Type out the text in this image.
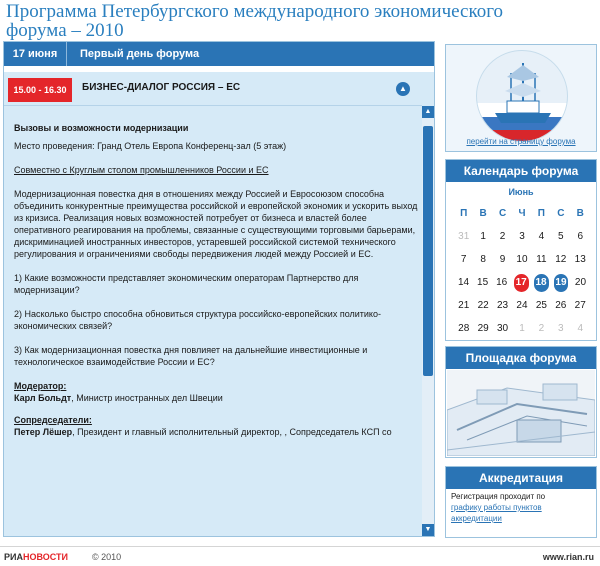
Программа Петербургского международного экономического форума – 2010
17 июня	Первый день форума
15.00 - 16.30	БИЗНЕС-ДИАЛОГ РОССИЯ – ЕС	▲

Вызовы и возможности модернизации

Место проведения: Гранд Отель Европа Конференц-зал (5 этаж)

Совместно с Круглым столом промышленников России и ЕС

Модернизационная повестка дня в отношениях между Россией и Евросоюзом способна объединить конкурентные преимущества российской и европейской экономик и ускорить выход из кризиса. Реализация новых возможностей потребует от бизнеса и властей более оперативного реагирования на проблемы, связанные с существующими торговыми барьерами, дискриминацией иностранных инвесторов, устаревшей российской системой технического регулирования и ограничениями свободы передвижения людей между Россией и ЕС.

1) Какие возможности представляет экономическим операторам Партнерство для модернизации?

2) Насколько быстро способна обновиться структура российско-европейских политико-экономических связей?

3) Как модернизационная повестка дня повлияет на дальнейшие инвестиционные и технологическое взаимодействие России и ЕС?

Модератор:

Карл Больдт, Министр иностранных дел Швеции

Сопредседатели:

Петер Лёшер, Президент и главный исполнительный директор, , Сопредседатель КСП со

▲
▼
перейти на страницу форума
Календарь форума
Июнь
П	В	С	Ч	П	С	В
31	1	2	3	4	5	6
7	8	9	10 11 12 13
14 15 16 17 18 19 20
21 22 23 24 25 26 27
28 29 30	1	2	3	4
Площадка форума
Аккредитация
Регистрация проходит по
графику работы пунктов аккредитации
РИАНОВОСТИ	© 2010	www.rian.ru
